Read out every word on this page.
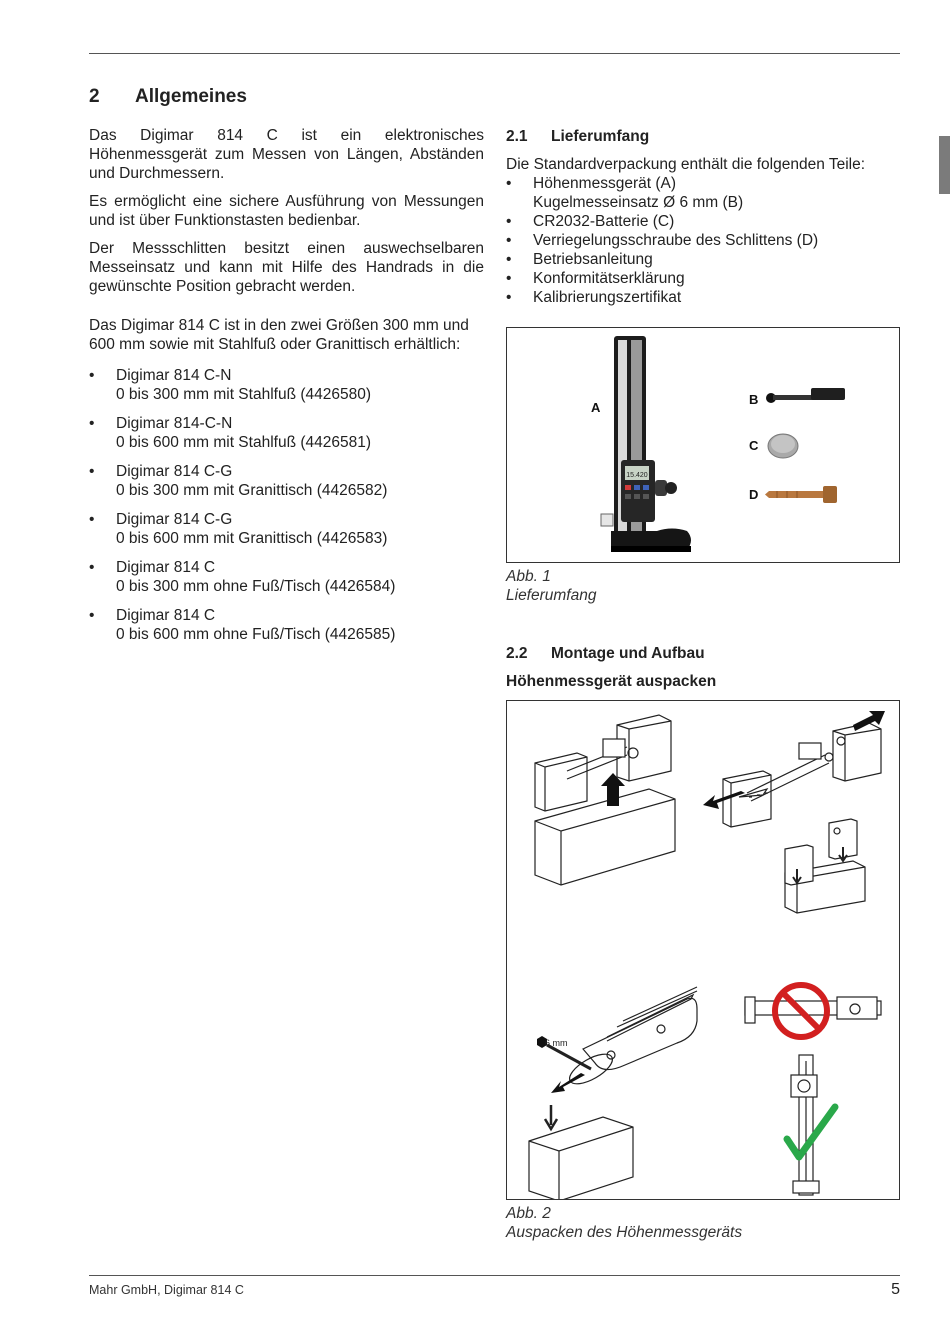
2 Allgemeines

Das Digimar 814 C ist ein elektronisches Höhenmessgerät zum Messen von Längen, Abständen und Durchmessern.

Es ermöglicht eine sichere Ausführung von Messungen und ist über Funktionstasten bedienbar.

Der Messschlitten besitzt einen auswechselbaren Messeinsatz und kann mit Hilfe des Handrads in die gewünschte Position gebracht werden.

Das Digimar 814 C ist in den zwei Größen 300 mm und 600 mm sowie mit Stahlfuß oder Granittisch erhältlich:

• Digimar 814 C-N
0 bis 300 mm mit Stahlfuß (4426580)
• Digimar 814-C-N
0 bis 600 mm mit Stahlfuß (4426581)
• Digimar 814 C-G
0 bis 300 mm mit Granittisch (4426582)
• Digimar 814 C-G
0 bis 600 mm mit Granittisch (4426583)
• Digimar 814 C
0 bis 300 mm ohne Fuß/Tisch (4426584)
• Digimar 814 C
0 bis 600 mm ohne Fuß/Tisch (4426585)
2.1 Lieferumfang
Die Standardverpackung enthält die folgenden Teile:
• Höhenmessgerät (A)
Kugelmesseinsatz Ø 6 mm (B)
• CR2032-Batterie (C)
• Verriegelungsschraube des Schlittens (D)
• Betriebsanleitung
• Konformitätserklärung
• Kalibrierungszertifikat
15.420
A
B
C
D
Abb. 1
Lieferumfang
2.2 Montage und Aufbau
Höhenmessgerät auspacken
6 mm
Abb. 2
Auspacken des Höhenmessgeräts
Mahr GmbH, Digimar 814 C	5
